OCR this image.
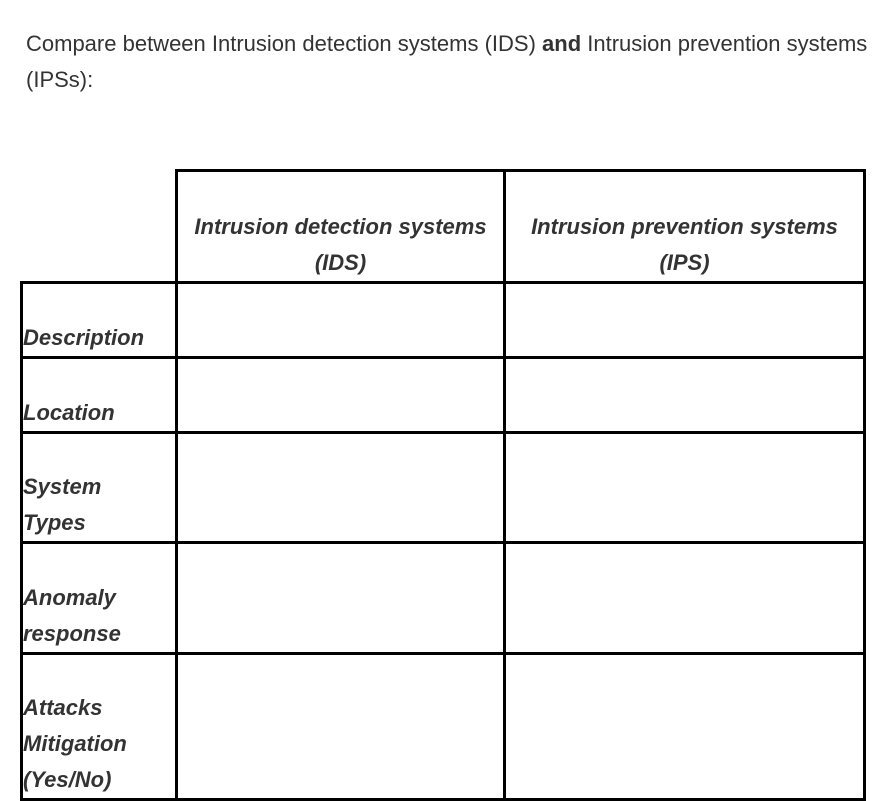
Compare between Intrusion detection systems (IDS) and Intrusion prevention systems (IPSs):

	Intrusion detection systems (IDS)	Intrusion prevention systems (IPS)
Description		
Location		
System Types		
Anomaly response		
Attacks Mitigation (Yes/No)		
